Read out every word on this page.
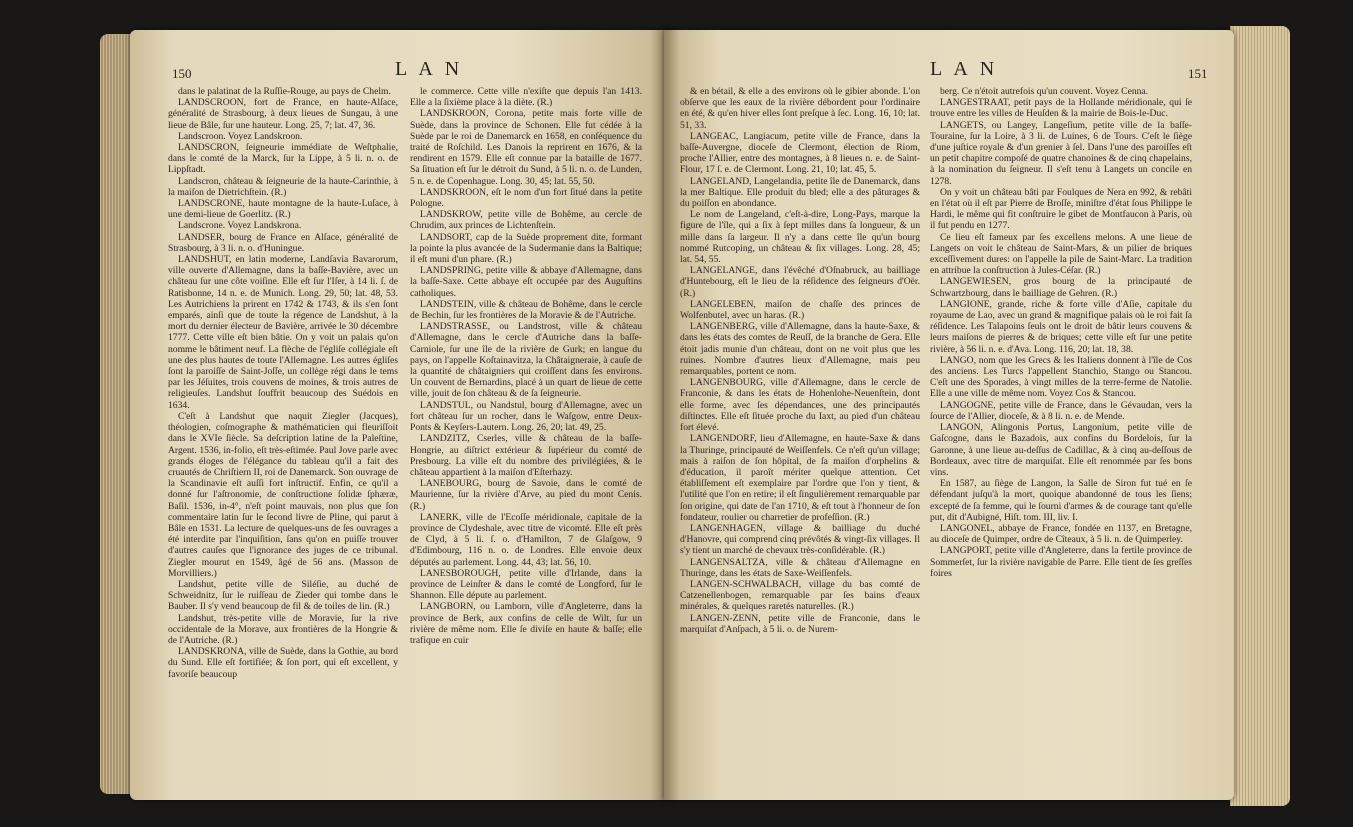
150	L A N	L A N	151

dans le palatinat de la Ruſſie-Rouge, au pays de Chelm.

LANDSCROON, fort de France, en haute-Alſace, généralité de Strasbourg, à deux lieues de Sungau, à une lieue de Bâle, ſur une hauteur. Long. 25, 7; lat. 47, 36.

Landscroon. Voyez Landskroon.

LANDSCRON, ſeigneurie immédiate de Weſtphalie, dans le comté de la Marck, ſur la Lippe, à 5 li. n. o. de Lippſtadt.

Landscron, château & ſeigneurie de la haute-Carinthie, à la maiſon de Dietrichſtein. (R.)

LANDSCRONE, haute montagne de la haute-Luſace, à une demi-lieue de Goerlitz. (R.)

Landscrone. Voyez Landskrona.

LANDSER, bourg de France en Alſace, généralité de Strasbourg, à 3 li. n. o. d'Huningue.

LANDSHUT, en latin moderne, Landſavia Bavarorum, ville ouverte d'Allemagne, dans la baſſe-Bavière, avec un château ſur une côte voiſine. Elle eſt ſur l'Iſer, à 14 li. ſ. de Ratisbonne, 14 n. e. de Munich. Long. 29, 50; lat. 48, 53. Les Autrichiens la prirent en 1742 & 1743, & ils s'en ſont emparés, ainſi que de toute la régence de Landshut, à la mort du dernier électeur de Bavière, arrivée le 30 décembre 1777. Cette ville eſt bien bâtie. On y voit un palais qu'on nomme le bâtiment neuf. La flèche de l'égliſe collégiale eſt une des plus hautes de toute l'Allemagne. Les autres égliſes ſont la paroiſſe de Saint-Joſſe, un collège régi dans le tems par les Jéſuites, trois couvens de moines, & trois autres de religieuſes. Landshut ſouffrit beaucoup des Suédois en 1634.

C'eſt à Landshut que naquit Ziegler (Jacques), théologien, coſmographe & mathématicien qui fleuriſſoit dans le XVIe ſiècle. Sa deſcription latine de la Paleſtine, Argent. 1536, in-folio, eſt très-eſtimée. Paul Jove parle avec grands éloges de l'élégance du tableau qu'il a fait des cruautés de Chriſtiern II, roi de Danemarck. Son ouvrage de la Scandinavie eſt auſſi fort inſtructif. Enfin, ce qu'il a donné ſur l'aſtronomie, de conſtructione ſolidæ ſphæræ, Baſil. 1536, in-4°, n'eſt point mauvais, non plus que ſon commentaire latin ſur le ſecond livre de Pline, qui parut à Bâle en 1531. La lecture de quelques-uns de ſes ouvrages a été interdite par l'inquiſition, ſans qu'on en puiſſe trouver d'autres cauſes que l'ignorance des juges de ce tribunal. Ziegler mourut en 1549, âgé de 56 ans. (Masson de Morvilliers.)

Landshut, petite ville de Siléſie, au duché de Schweidnitz, ſur le ruiſſeau de Zieder qui tombe dans le Bauber. Il s'y vend beaucoup de fil & de toiles de lin. (R.)

Landshut, très-petite ville de Moravie, ſur la rive occidentale de la Morave, aux frontières de la Hongrie & de l'Autriche. (R.)

LANDSKRONA, ville de Suède, dans la Gothie, au bord du Sund. Elle eſt fortifiée; & ſon port, qui eſt excellent, y favoriſe beaucoup

le commerce. Cette ville n'exiſte que depuis l'an 1413. Elle a la ſixième place à la diète. (R.)

LANDSKROON, Corona, petite mais forte ville de Suède, dans la province de Schonen. Elle fut cédée à la Suède par le roi de Danemarck en 1658, en conſéquence du traité de Roſchild. Les Danois la reprirent en 1676, & la rendirent en 1579. Elle eſt connue par la bataille de 1677. Sa ſituation eſt ſur le détroit du Sund, à 5 li. n. o. de Lunden, 5 n. e. de Copenhague. Long. 30, 45; lat. 55, 50.

LANDSKROON, eſt le nom d'un fort ſitué dans la petite Pologne.

LANDSKROW, petite ville de Bohême, au cercle de Chrudim, aux princes de Lichtenſtein.

LANDSORT, cap de la Suède proprement dite, formant la pointe la plus avancée de la Sudermanie dans la Baltique; il eſt muni d'un phare. (R.)

LANDSPRING, petite ville & abbaye d'Allemagne, dans la baſſe-Saxe. Cette abbaye eſt occupée par des Auguſtins catholiques.

LANDSTEIN, ville & château de Bohême, dans le cercle de Bechin, ſur les frontières de la Moravie & de l'Autriche.

LANDSTRASSE, ou Landstrost, ville & château d'Allemagne, dans le cercle d'Autriche dans la baſſe-Carniole, ſur une île de la rivière de Gurk; en langue du pays, on l'appelle Koſtainavitza, la Châtaigneraie, à cauſe de la quantité de châtaigniers qui croiſſent dans ſes environs. Un couvent de Bernardins, placé à un quart de lieue de cette ville, jouit de ſon château & de ſa ſeigneurie.

LANDSTUL, ou Nandstul, bourg d'Allemagne, avec un fort château ſur un rocher, dans le Waſgow, entre Deux-Ponts & Keyſers-Lautern. Long. 26, 20; lat. 49, 25.

LANDZITZ, Cserles, ville & château de la baſſe-Hongrie, au diſtrict extérieur & ſupérieur du comté de Presbourg. La ville eſt du nombre des privilégiées, & le château appartient à la maiſon d'Eſterhazy.

LANEBOURG, bourg de Savoie, dans le comté de Maurienne, ſur la rivière d'Arve, au pied du mont Cenis. (R.)

LANERK, ville de l'Ecoſſe méridionale, capitale de la province de Clydeshale, avec titre de vicomté. Elle eſt près de Clyd, à 5 li. ſ. o. d'Hamilton, 7 de Glaſgow, 9 d'Edimbourg, 116 n. o. de Londres. Elle envoie deux députés au parlement. Long. 44, 43; lat. 56, 10.

LANESBOROUGH, petite ville d'Irlande, dans la province de Leinſter & dans le comté de Longford, ſur le Shannon. Elle députe au parlement.

LANGBORN, ou Lamborn, ville d'Angleterre, dans la province de Berk, aux confins de celle de Wilt, ſur un rivière de même nom. Elle ſe diviſe en haute & baſſe; elle trafique en cuir

& en bétail, & elle a des environs où le gibier abonde. L'on obſerve que les eaux de la rivière débordent pour l'ordinaire en été, & qu'en hiver elles ſont preſque à ſec. Long. 16, 10; lat. 51, 33.

LANGEAC, Langiacum, petite ville de France, dans la baſſe-Auvergne, dioceſe de Clermont, élection de Riom, proche l'Allier, entre des montagnes, à 8 lieues n. e. de Saint-Flour, 17 ſ. e. de Clermont. Long. 21, 10; lat. 45, 5.

LANGELAND, Langelandia, petite île de Danemarck, dans la mer Baltique. Elle produit du bled; elle a des pâturages & du poiſſon en abondance.

Le nom de Langeland, c'eſt-à-dire, Long-Pays, marque la figure de l'île, qui a ſix à ſept milles dans ſa longueur, & un mille dans ſa largeur. Il n'y a dans cette île qu'un bourg nommé Rutcoping, un château & ſix villages. Long. 28, 45; lat. 54, 55.

LANGELANGE, dans l'évêché d'Oſnabruck, au bailliage d'Huntebourg, eſt le lieu de la réſidence des ſeigneurs d'Oër. (R.)

LANGELEBEN, maiſon de chaſſe des princes de Wolfenbutel, avec un haras. (R.)

LANGENBERG, ville d'Allemagne, dans la haute-Saxe, & dans les états des comtes de Reuſſ, de la branche de Gera. Elle étoit jadis munie d'un château, dont on ne voit plus que les ruines. Nombre d'autres lieux d'Allemagne, mais peu remarquables, portent ce nom.

LANGENBOURG, ville d'Allemagne, dans le cercle de Franconie, & dans les états de Hohenlohe-Neuenſtein, dont elle forme, avec ſes dépendances, une des principautés diſtinctes. Elle eſt ſituée proche du Iaxt, au pied d'un château fort élevé.

LANGENDORF, lieu d'Allemagne, en haute-Saxe & dans la Thuringe, principauté de Weiſſenfels. Ce n'eſt qu'un village; mais à raiſon de ſon hôpital, de ſa maiſon d'orphelins & d'éducation, il paroît mériter quelque attention. Cet établiſſement eſt exemplaire par l'ordre que l'on y tient, & l'utilité que l'on en retire; il eſt ſingulièrement remarquable par ſon origine, qui date de l'an 1710, & eſt tout à l'honneur de ſon fondateur, roulier ou charretier de profeſſion. (R.)

LANGENHAGEN, village & bailliage du duché d'Hanovre, qui comprend cinq prévôtés & vingt-ſix villages. Il s'y tient un marché de chevaux très-conſidérable. (R.)

LANGENSALTZA, ville & château d'Allemagne en Thuringe, dans les états de Saxe-Weiſſenfels.

LANGEN-SCHWALBACH, village du bas comté de Catzenellenbogen, remarquable par ſes bains d'eaux minérales, & quelques raretés naturelles. (R.)

LANGEN-ZENN, petite ville de Franconie, dans le marquiſat d'Anſpach, à 5 li. o. de Nurem-

berg. Ce n'étoit autrefois qu'un couvent. Voyez Cenna.

LANGESTRAAT, petit pays de la Hollande méridionale, qui ſe trouve entre les villes de Heuſden & la mairie de Bois-le-Duc.

LANGETS, ou Langey, Langeſium, petite ville de la baſſe-Touraine, ſur la Loire, à 3 li. de Luines, 6 de Tours. C'eſt le ſiège d'une juſtice royale & d'un grenier à ſel. Dans l'une des paroiſſes eſt un petit chapitre compoſé de quatre chanoines & de cinq chapelains, à la nomination du ſeigneur. Il s'eſt tenu à Langets un concile en 1278.

On y voit un château bâti par Foulques de Nera en 992, & rebâti en l'état où il eſt par Pierre de Broſſe, miniſtre d'état ſous Philippe le Hardi, le même qui fit conſtruire le gibet de Montfaucon à Paris, où il fut pendu en 1277.

Ce lieu eſt fameux par ſes excellens melons. A une lieue de Langets on voit le château de Saint-Mars, & un pilier de briques exceſſivement dures: on l'appelle la pile de Saint-Marc. La tradition en attribue la conſtruction à Jules-Céſar. (R.)

LANGEWIESEN, gros bourg de la principauté de Schwartzbourg, dans le bailliage de Gehren. (R.)

LANGIONE, grande, riche & forte ville d'Aſie, capitale du royaume de Lao, avec un grand & magnifique palais où le roi fait ſa réſidence. Les Talapoins ſeuls ont le droit de bâtir leurs couvens & leurs maiſons de pierres & de briques; cette ville eſt ſur une petite rivière, à 56 li. n. e. d'Ava. Long. 116, 20; lat. 18, 38.

LANGO, nom que les Grecs & les Italiens donnent à l'île de Cos des anciens. Les Turcs l'appellent Stanchio, Stango ou Stancou. C'eſt une des Sporades, à vingt milles de la terre-ferme de Natolie. Elle a une ville de même nom. Voyez Cos & Stancou.

LANGOGNE, petite ville de France, dans le Gévaudan, vers la ſource de l'Allier, dioceſe, & à 8 li. n. e. de Mende.

LANGON, Alingonis Portus, Langonium, petite ville de Gaſcogne, dans le Bazadois, aux confins du Bordelois, ſur la Garonne, à une lieue au-deſſus de Cadillac, & à cinq au-deſſous de Bordeaux, avec titre de marquiſat. Elle eſt renommée par ſes bons vins.

En 1587, au ſiège de Langon, la Salle de Siron fut tué en ſe défendant juſqu'à la mort, quoique abandonné de tous les ſiens; excepté de ſa femme, qui le ſourni d'armes & de courage tant qu'elle put, dit d'Aubigné, Hiſt. tom. III, liv. I.

LANGONEL, abbaye de France, fondée en 1137, en Bretagne, au dioceſe de Quimper, ordre de Cîteaux, à 5 li. n. de Quimperley.

LANGPORT, petite ville d'Angleterre, dans la fertile province de Sommerſet, ſur la rivière navigable de Parre. Elle tient de ſes greſſes foires
